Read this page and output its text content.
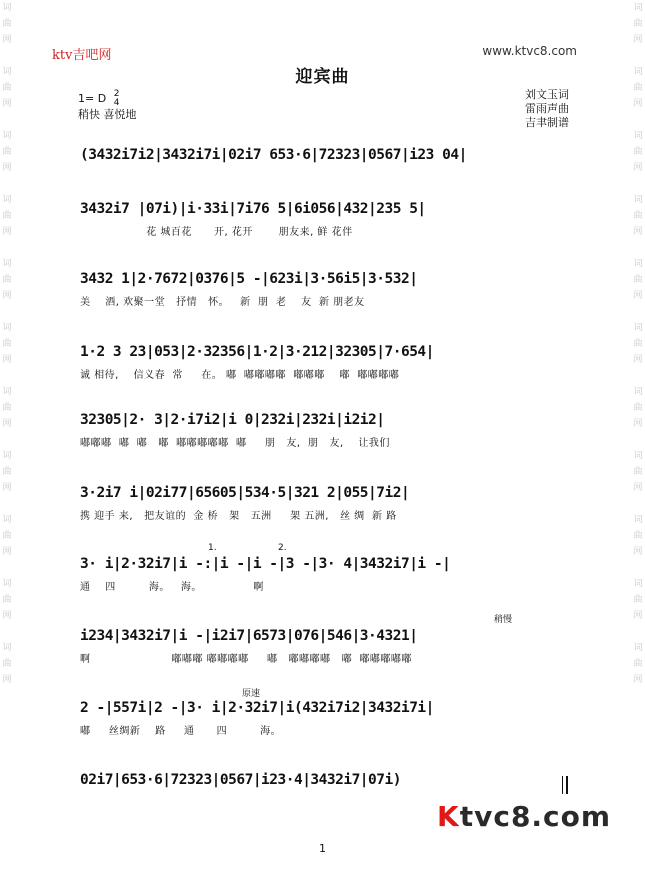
词
曲
网

词
曲
网

词
曲
网

词
曲
网

词
曲
网

词
曲
网

词
曲
网

词
曲
网

词
曲
网

词
曲
网

词
曲
网
词
曲
网

词
曲
网

词
曲
网

词
曲
网

词
曲
网

词
曲
网

词
曲
网

词
曲
网

词
曲
网

词
曲
网

词
曲
网
ktv吉吧网	www.ktvc8.com
迎宾曲
1= D 2
4
稍快 喜悦地
刘文玉词
雷雨声曲
吉聿制谱
(3432i7i2|3432i7i|02i7 653·6|72323|0567|i23 04|
3432i7 |07i)|i·33i|7i76 5|6i056|432|235 5|
花 城百花      开, 花开       朋友来, 鲜 花伴
3432 1|2·7672|0376|5 -|623i|3·56i5|3·532|
美    酒, 欢聚一堂   抒情   怀。   新  朋  老    友  新 朋老友
1·2 3 23|053|2·32356|1·2|3·212|32305|7·654|
诚 相待,    信义春  常     在。 嘟  嘟嘟嘟嘟  嘟嘟嘟    嘟  嘟嘟嘟嘟
32305|2· 3|2·i7i2|i 0|232i|232i|i2i2|
嘟嘟嘟  嘟  嘟   嘟  嘟嘟嘟嘟嘟  嘟     朋   友,  朋   友,    让我们
3·2i7 i|02i77|65605|534·5|321 2|055|7i2|
携 迎手 来,   把友谊的  金 桥   架   五洲     架 五洲,   丝 绸  新 路
3· i|2·32i7|i -:|i -|i -|3 -|3· 4|3432i7|i -|
通    四         海。   海。              啊
1.	2.
i234|3432i7|i -|i2i7|6573|076|546|3·4321|
啊                      嘟嘟嘟 嘟嘟嘟嘟     嘟   嘟嘟嘟嘟   嘟  嘟嘟嘟嘟嘟
稍慢
2 -|557i|2 -|3· i|2·32i7|i(432i7i2|3432i7i|
嘟     丝绸新    路     通      四         海。
原速
02i7|653·6|72323|0567|i23·4|3432i7|07i)
Ktvc8.com
1
